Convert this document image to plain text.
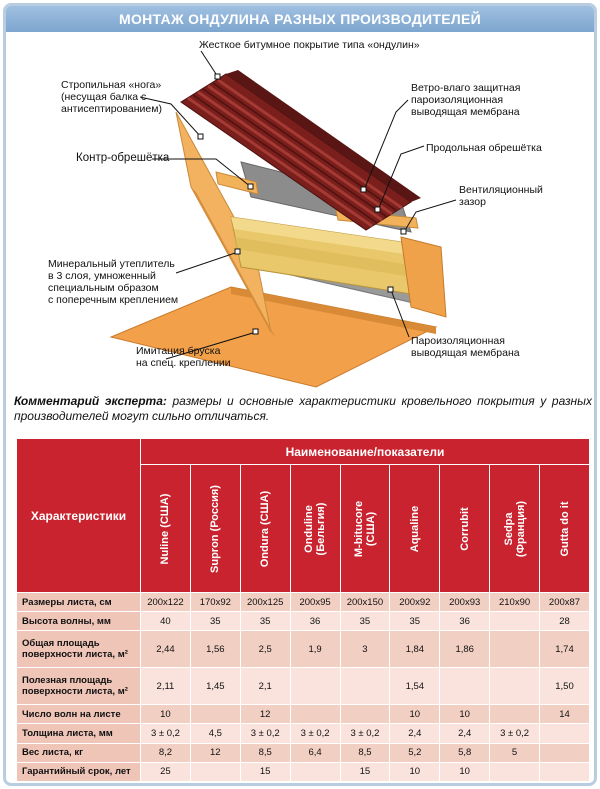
МОНТАЖ ОНДУЛИНА РАЗНЫХ ПРОИЗВОДИТЕЛЕЙ
Жесткое битумное покрытие типа «ондулин»
Стропильная «нога»
(несущая балка с
антисептированием)
Контр-обрешётка
Ветро-влаго защитная
пароизоляционная
выводящая мембрана
Продольная обрешётка
Вентиляционный
зазор
Минеральный утеплитель
в 3 слоя, умноженный
специальным образом
с поперечным креплением
Пароизоляционная
выводящая мембрана
Имитация бруска
на спец. креплении
Комментарий эксперта: размеры и основные характеристики кровельного покрытия у разных производителей могут сильно отличаться.
Характеристики	Наименование/показатели								

	Nuline (США)	Supron (Россия)	Ondura (США)	Onduline
(Бельгия)	M-bitucore
(США)	Aqualine	Corrubit	Sedpa
(Франция)	Gutta do it

Размеры листа, см	200x122	170x92	200x125	200x95	200x150	200x92	200x93	210x90	200x87
Высота волны, мм	40	35	35	36	35	35	36		28
Общая площадь поверхности листа, м²	2,44	1,56	2,5	1,9	3	1,84	1,86		1,74
Полезная площадь поверхности листа, м²	2,11	1,45	2,1			1,54			1,50
Число волн на листе	10		12			10	10		14
Толщина листа, мм	3 ± 0,2	4,5	3 ± 0,2	3 ± 0,2	3 ± 0,2	2,4	2,4	3 ± 0,2	
Вес листа, кг	8,2	12	8,5	6,4	8,5	5,2	5,8	5	
Гарантийный срок, лет	25		15		15	10	10		
